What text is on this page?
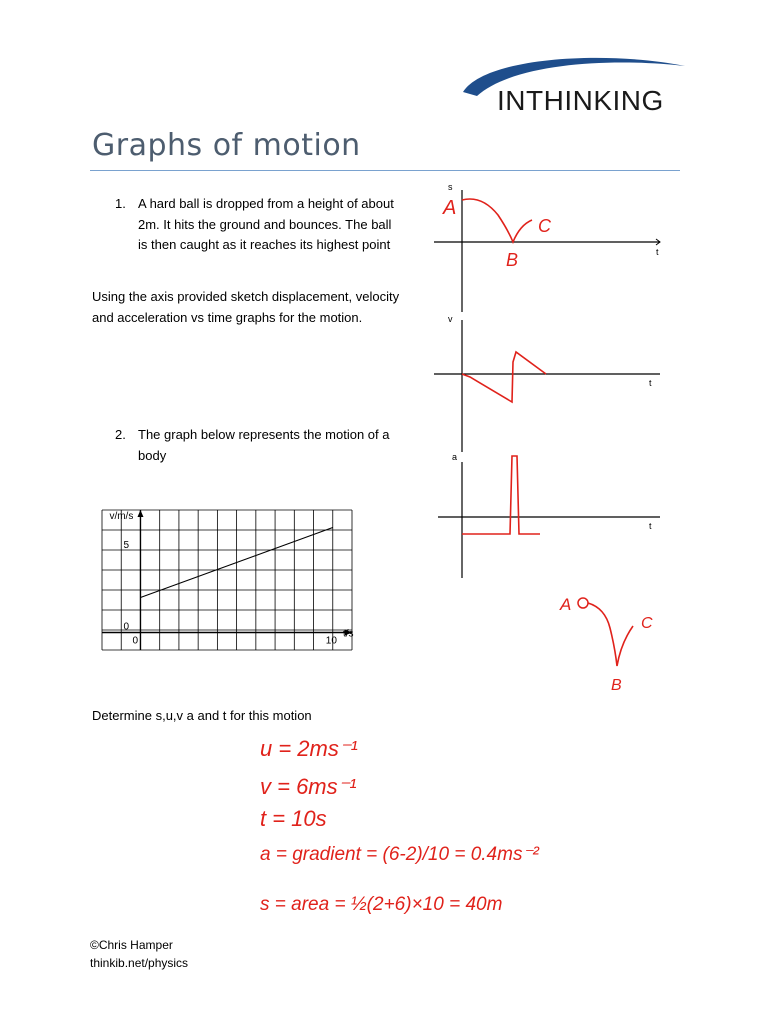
INTHINKING
Graphs of motion
1. A hard ball is dropped from a height of about 2m. It hits the ground and bounces. The ball is then caught as it reaches its highest point
Using the axis provided sketch displacement, velocity and acceleration vs time graphs for the motion.
2. The graph below represents the motion of a body
s
t
A
B
C
v
t
a
t
A
C
B
v/m/s
t/s
5
0
0	10
Determine s,u,v a and t for this motion
u = 2ms⁻¹
v = 6ms⁻¹
t = 10s
a = gradient = (6-2)/10 = 0.4ms⁻²
s = area = ½(2+6)×10 = 40m
©Chris Hamper
thinkib.net/physics
